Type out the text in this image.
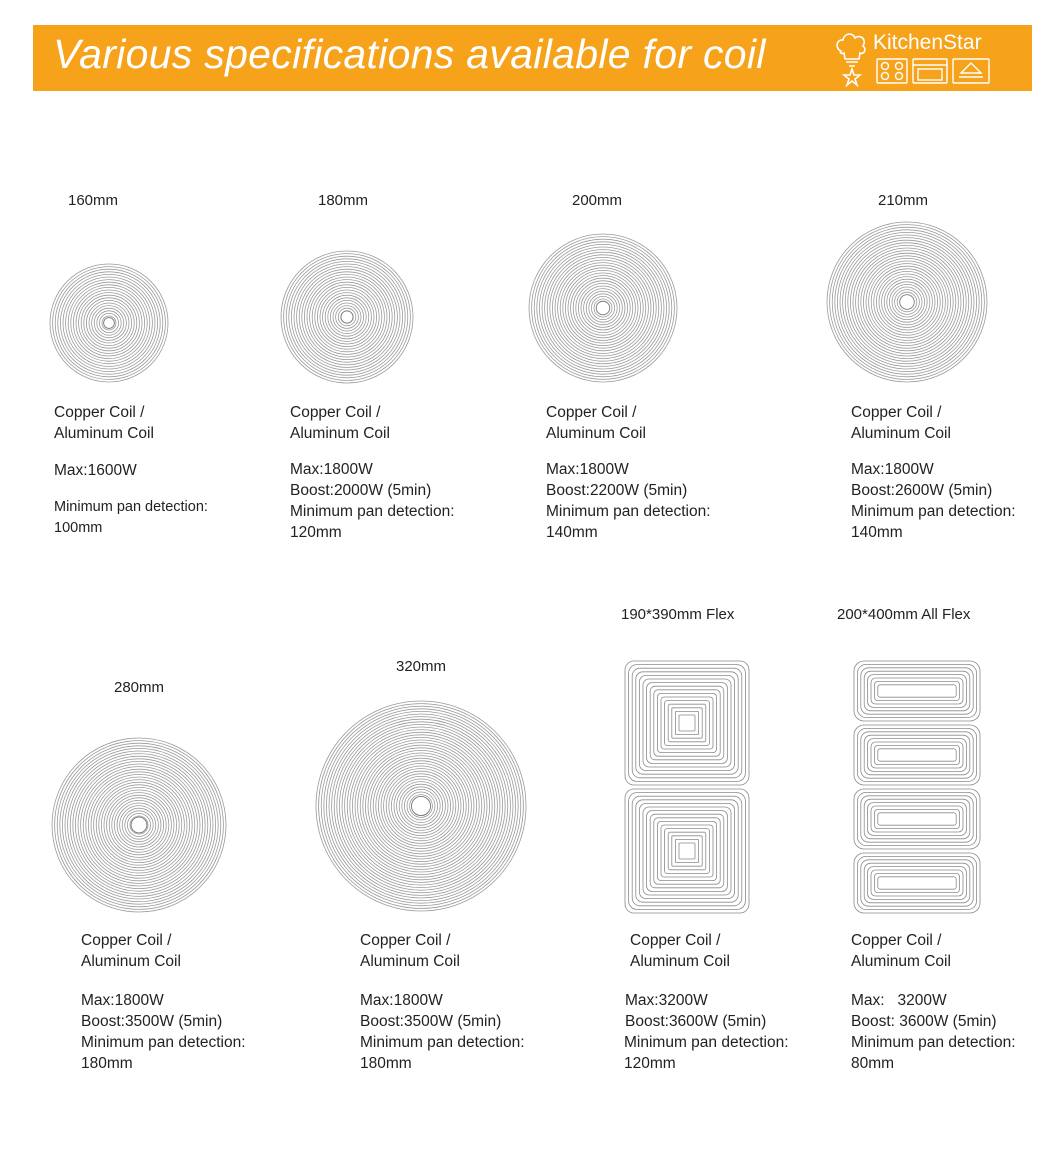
Various specifications available for coil	KitchenStar
160mm
Copper Coil /
Aluminum Coil
Max:1600W
Minimum pan detection:
100mm
180mm
Copper Coil /
Aluminum Coil
Max:1800W
Boost:2000W (5min)
Minimum pan detection:
120mm
200mm
Copper Coil /
Aluminum Coil
Max:1800W
Boost:2200W (5min)
Minimum pan detection:
140mm
210mm
Copper Coil /
Aluminum Coil
Max:1800W
Boost:2600W (5min)
Minimum pan detection:
140mm
280mm
Copper Coil /
Aluminum Coil
Max:1800W
Boost:3500W (5min)
Minimum pan detection:
180mm
320mm
Copper Coil /
Aluminum Coil
Max:1800W
Boost:3500W (5min)
Minimum pan detection:
180mm
190*390mm Flex
Copper Coil /
Aluminum Coil
Max:3200W
Boost:3600W (5min)
Minimum pan detection:
120mm
200*400mm All Flex
Copper Coil /
Aluminum Coil
Max:   3200W
Boost: 3600W (5min)
Minimum pan detection:
80mm
